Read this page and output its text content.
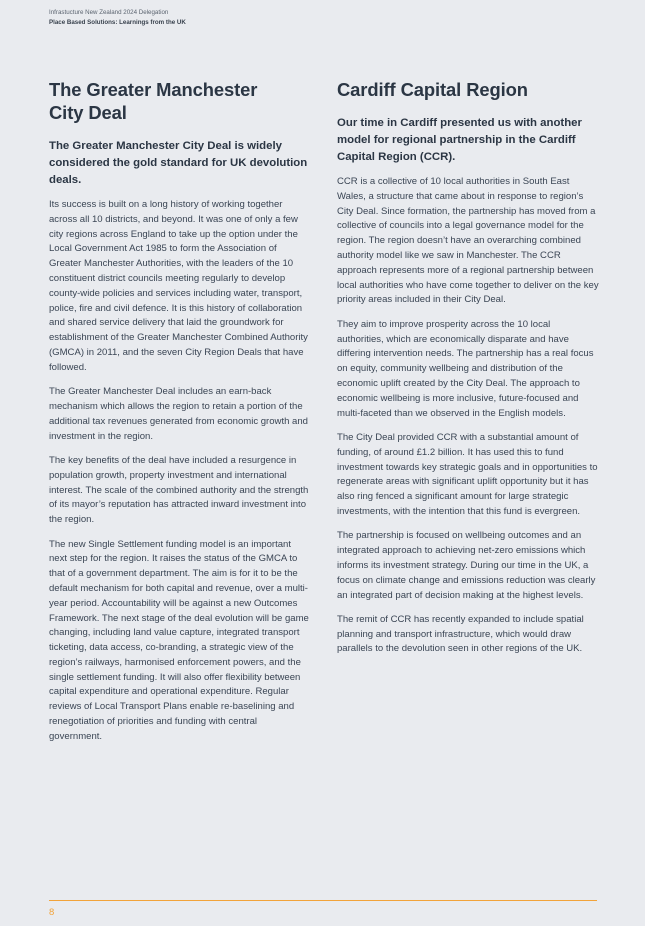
Infrastucture New Zealand 2024 Delegation
Place Based Solutions: Learnings from the UK
The Greater Manchester
City Deal

The Greater Manchester City Deal is widely considered the gold standard for UK devolution deals.

Its success is built on a long history of working together across all 10 districts, and beyond. It was one of only a few city regions across England to take up the option under the Local Government Act 1985 to form the Association of Greater Manchester Authorities, with the leaders of the 10 constituent district councils meeting regularly to develop county-wide policies and services including water, transport, police, fire and civil defence. It is this history of collaboration and shared service delivery that laid the groundwork for establishment of the Greater Manchester Combined Authority (GMCA) in 2011, and the seven City Region Deals that have followed.

The Greater Manchester Deal includes an earn-back mechanism which allows the region to retain a portion of the additional tax revenues generated from economic growth and investment in the region.

The key benefits of the deal have included a resurgence in population growth, property investment and international interest. The scale of the combined authority and the strength of its mayor’s reputation has attracted inward investment into the region.

The new Single Settlement funding model is an important next step for the region. It raises the status of the GMCA to that of a government department. The aim is for it to be the default mechanism for both capital and revenue, over a multi-year period. Accountability will be against a new Outcomes Framework. The next stage of the deal evolution will be game changing, including land value capture, integrated transport ticketing, data access, co-branding, a strategic view of the region’s railways, harmonised enforcement powers, and the single settlement funding. It will also offer flexibility between capital expenditure and operational expenditure. Regular reviews of Local Transport Plans enable re-baselining and renegotiation of priorities and funding with central government.

Cardiff Capital Region

Our time in Cardiff presented us with another model for regional partnership in the Cardiff Capital Region (CCR).

CCR is a collective of 10 local authorities in South East Wales, a structure that came about in response to region’s City Deal. Since formation, the partnership has moved from a collective of councils into a legal governance model for the region. The region doesn’t have an overarching combined authority model like we saw in Manchester. The CCR approach represents more of a regional partnership between local authorities who have come together to deliver on the key priority areas included in their City Deal.

They aim to improve prosperity across the 10 local authorities, which are economically disparate and have differing intervention needs. The partnership has a real focus on equity, community wellbeing and distribution of the economic uplift created by the City Deal. The approach to economic wellbeing is more inclusive, future-focused and multi-faceted than we observed in the English models.

The City Deal provided CCR with a substantial amount of funding, of around £1.2 billion. It has used this to fund investment towards key strategic goals and in opportunities to regenerate areas with significant uplift opportunity but it has also ring fenced a significant amount for large strategic investments, with the intention that this fund is evergreen.

The partnership is focused on wellbeing outcomes and an integrated approach to achieving net-zero emissions which informs its investment strategy. During our time in the UK, a focus on climate change and emissions reduction was clearly an integrated part of decision making at the highest levels.

The remit of CCR has recently expanded to include spatial planning and transport infrastructure, which would draw parallels to the devolution seen in other regions of the UK.

8
